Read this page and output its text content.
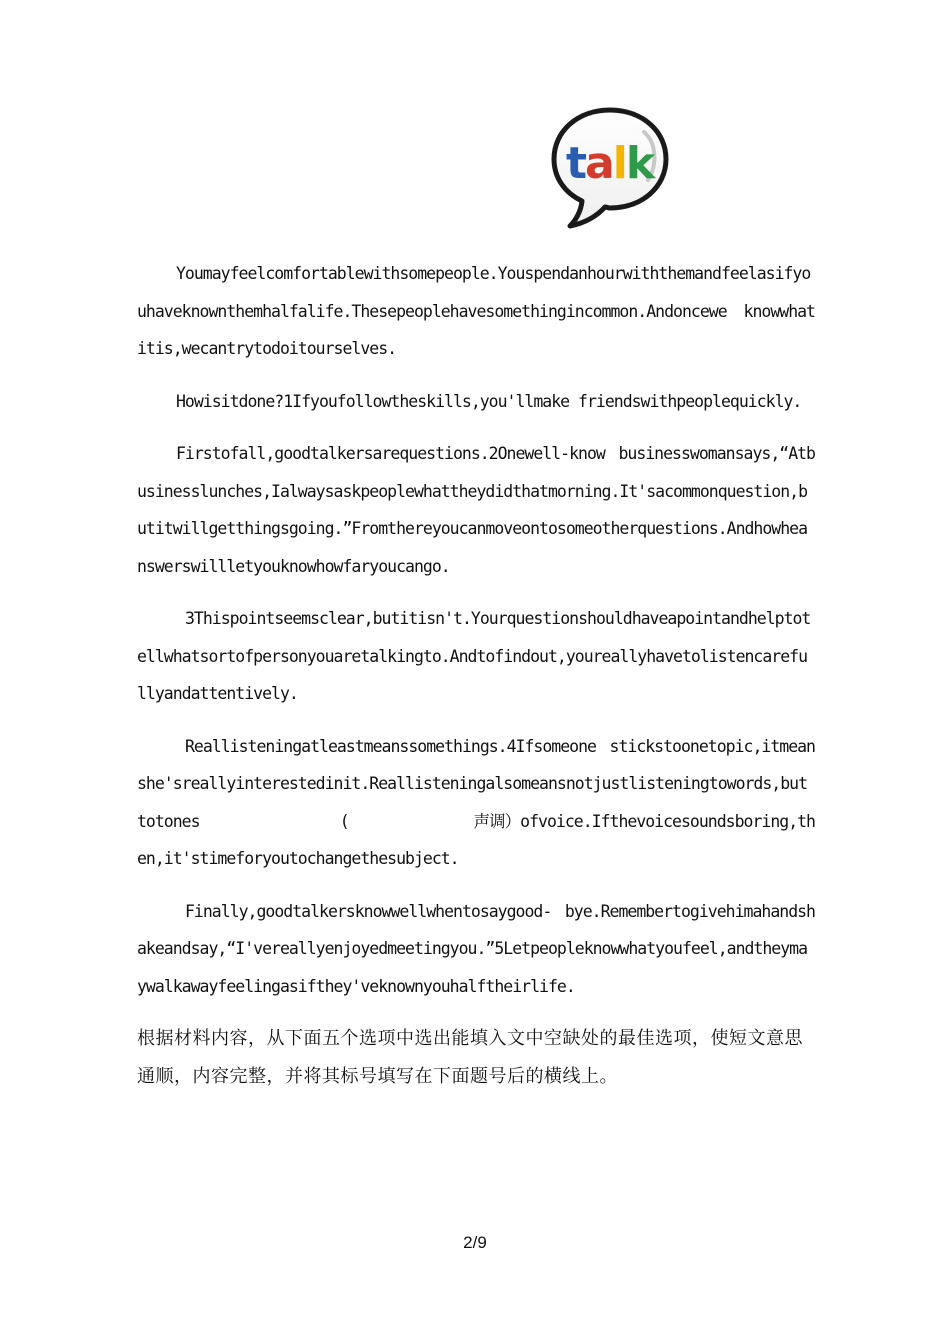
talk

Youmayfeelcomfortablewithsomepeople.Youspendanhourwiththemandfeelasifyouhaveknownthemhalfalife.Thesepeoplehavesomethingincommon.Andoncewe knowwhatitis,wecantrytodoitourselves.

Howisitdone?1Ifyoufollowtheskills,you'llmake friendswithpeoplequickly.

Firstofall,goodtalkersarequestions.2Onewell-know businesswomansays,“Atbusinesslunches,Ialwaysaskpeoplewhattheydidthatmorning.It'sacommonquestion,butitwillgetthingsgoing.”Fromthereyoucanmoveontosomeotherquestions.Andhowheanswerswillletyouknowhowfaryoucango.

3Thispointseemsclear,butitisn't.Yourquestionshouldhaveapointandhelptotellwhatsortofpersonyouaretalkingto.Andtofindout,youreallyhavetolistencarefullyandattentively.

Reallisteningatleastmeanssomethings.4Ifsomeone stickstoonetopic,itmeanshe'sreallyinterestedinit.Reallisteningalsomeansnotjustlisteningtowords,buttotones　　　　　　　　　(　　　　　　　　声调）ofvoice.Ifthevoicesoundsboring,then,it'stimeforyoutochangethesubject.

Finally,goodtalkersknowwellwhentosaygood- bye.Remembertogivehimahandshakeandsay,“I'vereallyenjoyedmeetingyou.”5Letpeopleknowwhatyoufeel,andtheymaywalkawayfeelingasifthey'veknownyouhalftheirlife.

根据材料内容，从下面五个选项中选出能填入文中空缺处的最佳选项，使短文意思通顺，内容完整，并将其标号填写在下面题号后的横线上。

2/9
